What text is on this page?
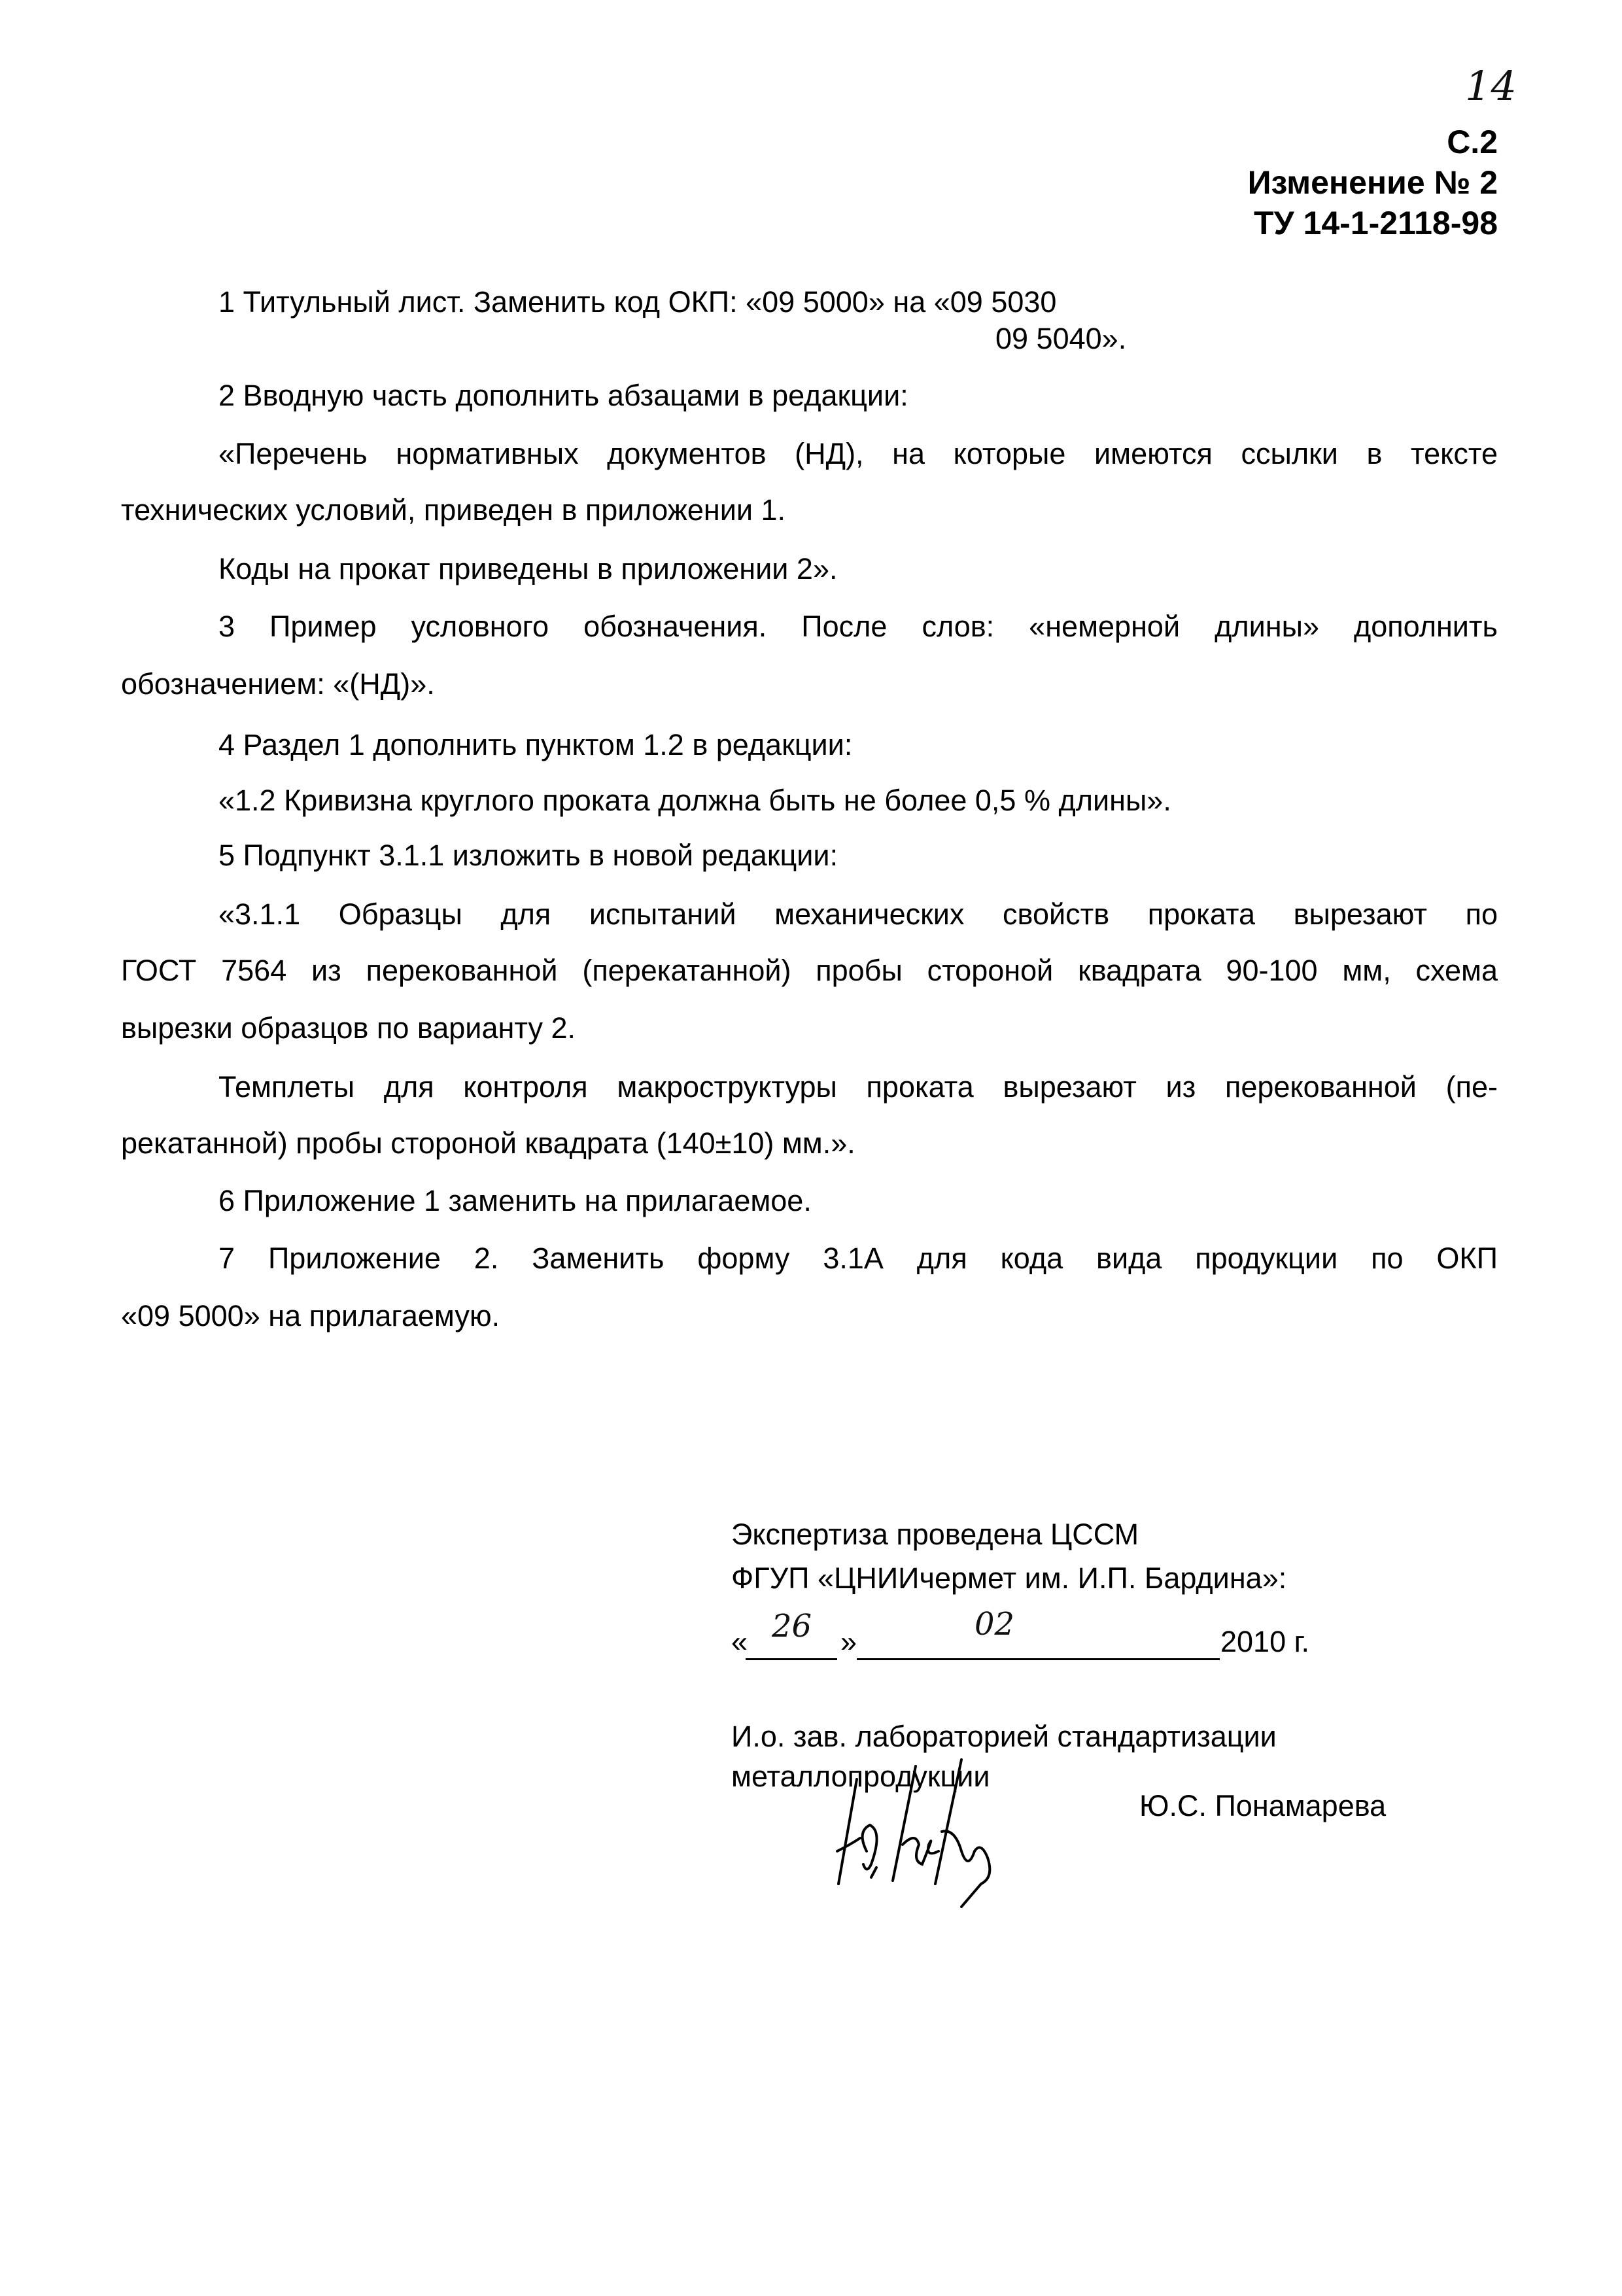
14
С.2
Изменение № 2
ТУ 14-1-2118-98
1 Титульный лист. Заменить код ОКП: «09 5000» на «09 5030
09 5040».
2 Вводную часть дополнить абзацами в редакции:
«Перечень нормативных документов (НД), на которые имеются ссылки в тексте
технических условий, приведен в приложении 1.
Коды на прокат приведены в приложении 2».
3 Пример условного обозначения. После слов: «немерной длины» дополнить
обозначением: «(НД)».
4 Раздел 1 дополнить пунктом 1.2 в редакции:
«1.2 Кривизна круглого проката должна быть не более 0,5 % длины».
5 Подпункт 3.1.1 изложить в новой редакции:
«3.1.1 Образцы для испытаний механических свойств проката вырезают по
ГОСТ 7564 из перекованной (перекатанной) пробы стороной квадрата 90-100 мм, схема
вырезки образцов по варианту 2.
Темплеты для контроля макроструктуры проката вырезают из перекованной (пе-
рекатанной) пробы стороной квадрата (140±10) мм.».
6 Приложение 1 заменить на прилагаемое.
7 Приложение 2. Заменить форму 3.1А для кода вида продукции по ОКП
«09 5000» на прилагаемую.
Экспертиза проведена ЦССМ
ФГУП «ЦНИИчермет им. И.П. Бардина»:
« 26 »	02	2010 г.
И.о. зав. лабораторией стандартизации
металлопродукции
Ю.С. Понамарева
